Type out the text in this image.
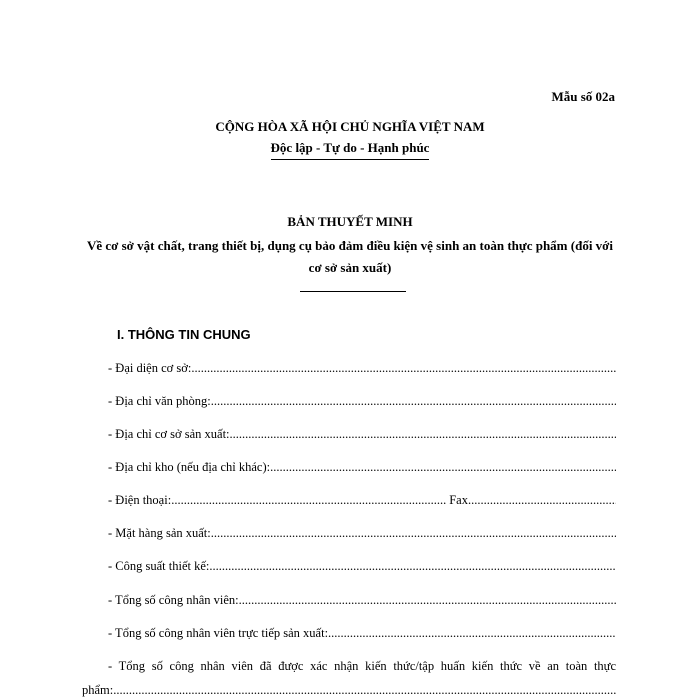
Mẫu số 02a
CỘNG HÒA XÃ HỘI CHỦ NGHĨA VIỆT NAM
Độc lập - Tự do - Hạnh phúc
BẢN THUYẾT MINH
Về cơ sở vật chất, trang thiết bị, dụng cụ bảo đảm điều kiện vệ sinh an toàn thực phẩm (đối với cơ sở sản xuất)
I. THÔNG TIN CHUNG
- Đại diện cơ sở:
.....
- Địa chỉ văn phòng:
.....
- Địa chỉ cơ sở sản xuất:
.....
- Địa chỉ kho (nếu địa chỉ khác):
.....
- Điện thoại:
.....	Fax
.....
- Mặt hàng sản xuất:
.....
- Công suất thiết kế:
.....
- Tổng số công nhân viên:
.....
- Tổng số công nhân viên trực tiếp sản xuất:
.....
- Tổng số công nhân viên đã được xác nhận kiến thức/tập huấn kiến thức về an toàn thực
phẩm:
.....
